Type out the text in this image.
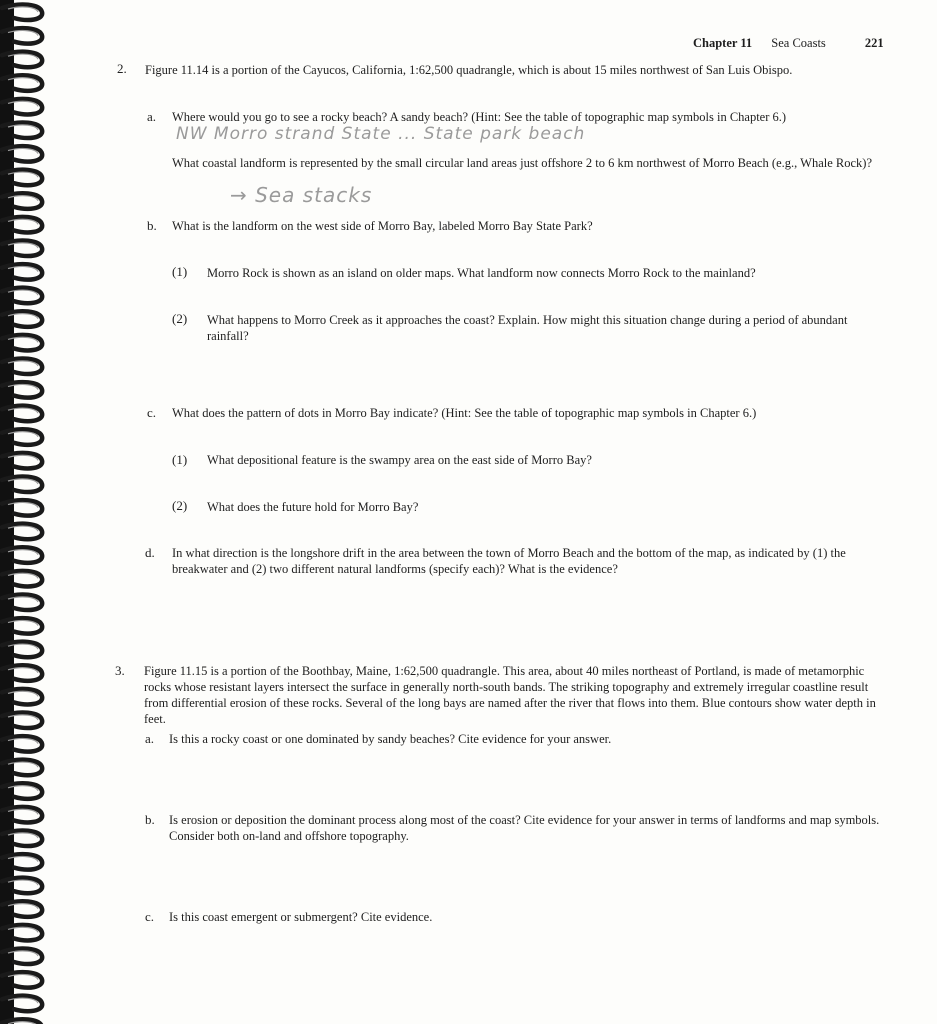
Chapter 11 Sea Coasts	221
2. Figure 11.14 is a portion of the Cayucos, California, 1:62,500 quadrangle, which is about 15 miles northwest of San Luis Obispo.
a. Where would you go to see a rocky beach? A sandy beach? (Hint: See the table of topographic map symbols in Chapter 6.)
NW Morro strand State ... State park beach
What coastal landform is represented by the small circular land areas just offshore 2 to 6 km northwest of Morro Beach (e.g., Whale Rock)?
→ Sea stacks
b. What is the landform on the west side of Morro Bay, labeled Morro Bay State Park?
(1) Morro Rock is shown as an island on older maps. What landform now connects Morro Rock to the mainland?
(2) What happens to Morro Creek as it approaches the coast? Explain. How might this situation change during a period of abundant rainfall?
c. What does the pattern of dots in Morro Bay indicate? (Hint: See the table of topographic map symbols in Chapter 6.)
(1) What depositional feature is the swampy area on the east side of Morro Bay?
(2) What does the future hold for Morro Bay?
d. In what direction is the longshore drift in the area between the town of Morro Beach and the bottom of the map, as indicated by (1) the breakwater and (2) two different natural landforms (specify each)? What is the evidence?
3. Figure 11.15 is a portion of the Boothbay, Maine, 1:62,500 quadrangle. This area, about 40 miles northeast of Portland, is made of metamorphic rocks whose resistant layers intersect the surface in generally north-south bands. The striking topography and extremely irregular coastline result from differential erosion of these rocks. Several of the long bays are named after the river that flows into them. Blue contours show water depth in feet.
a. Is this a rocky coast or one dominated by sandy beaches? Cite evidence for your answer.
b. Is erosion or deposition the dominant process along most of the coast? Cite evidence for your answer in terms of landforms and map symbols. Consider both on-land and offshore topography.
c. Is this coast emergent or submergent? Cite evidence.
